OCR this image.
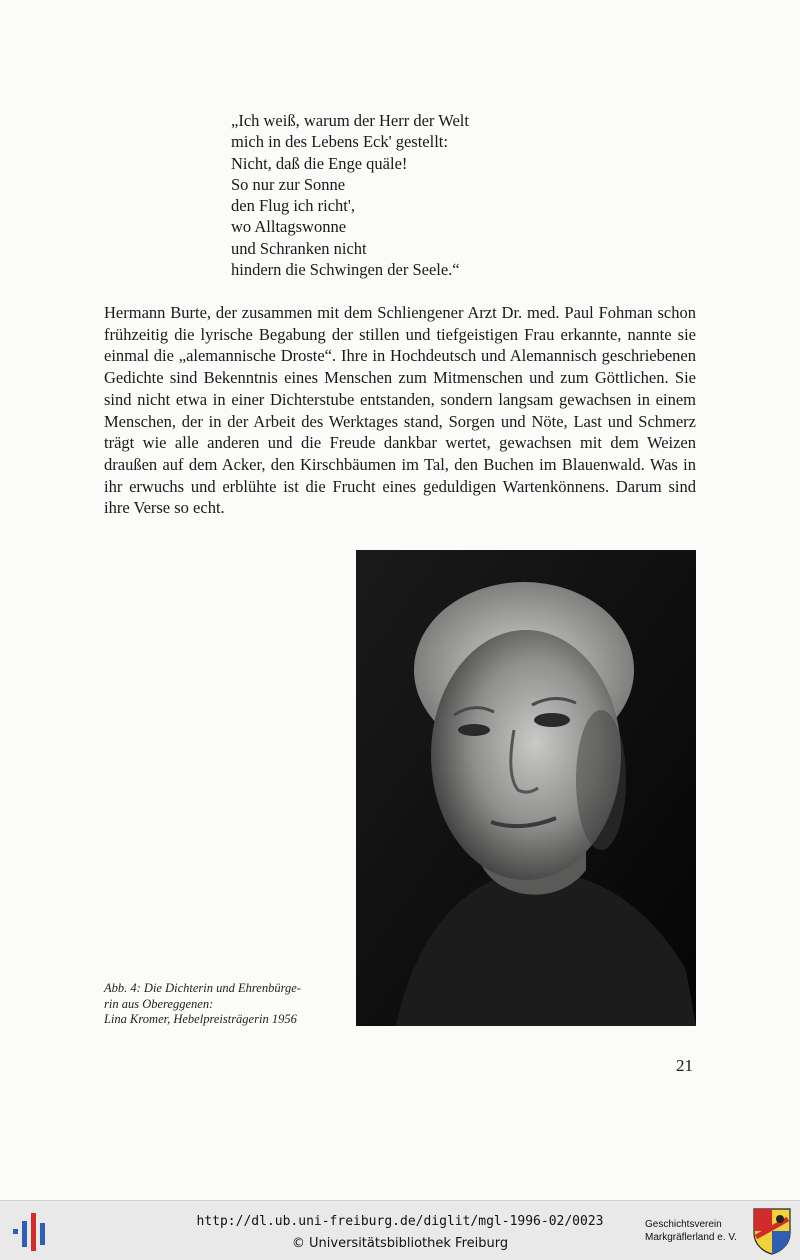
„Ich weiß, warum der Herr der Welt
mich in des Lebens Eck' gestellt:
Nicht, daß die Enge quäle!
So nur zur Sonne
den Flug ich richt',
wo Alltagswonne
und Schranken nicht
hindern die Schwingen der Seele.“

Hermann Burte, der zusammen mit dem Schliengener Arzt Dr. med. Paul Fohman schon frühzeitig die lyrische Begabung der stillen und tiefgeistigen Frau erkannte, nannte sie einmal die „alemannische Droste“. Ihre in Hochdeutsch und Alemannisch geschriebenen Gedichte sind Bekenntnis eines Menschen zum Mitmenschen und zum Göttlichen. Sie sind nicht etwa in einer Dichterstube entstanden, sondern langsam gewachsen in einem Menschen, der in der Arbeit des Werktages stand, Sorgen und Nöte, Last und Schmerz trägt wie alle anderen und die Freude dankbar wertet, gewachsen mit dem Weizen draußen auf dem Acker, den Kirschbäumen im Tal, den Buchen im Blauenwald. Was in ihr erwuchs und erblühte ist die Frucht eines geduldigen Wartenkönnens. Darum sind ihre Verse so echt.

Abb. 4: Die Dichterin und Ehrenbürge-
rin aus Obereggenen:
Lina Kromer, Hebelpreisträgerin 1956
21
http://dl.ub.uni-freiburg.de/diglit/mgl-1996-02/0023
© Universitätsbibliothek Freiburg
Geschichtsverein
Markgräflerland e. V.
